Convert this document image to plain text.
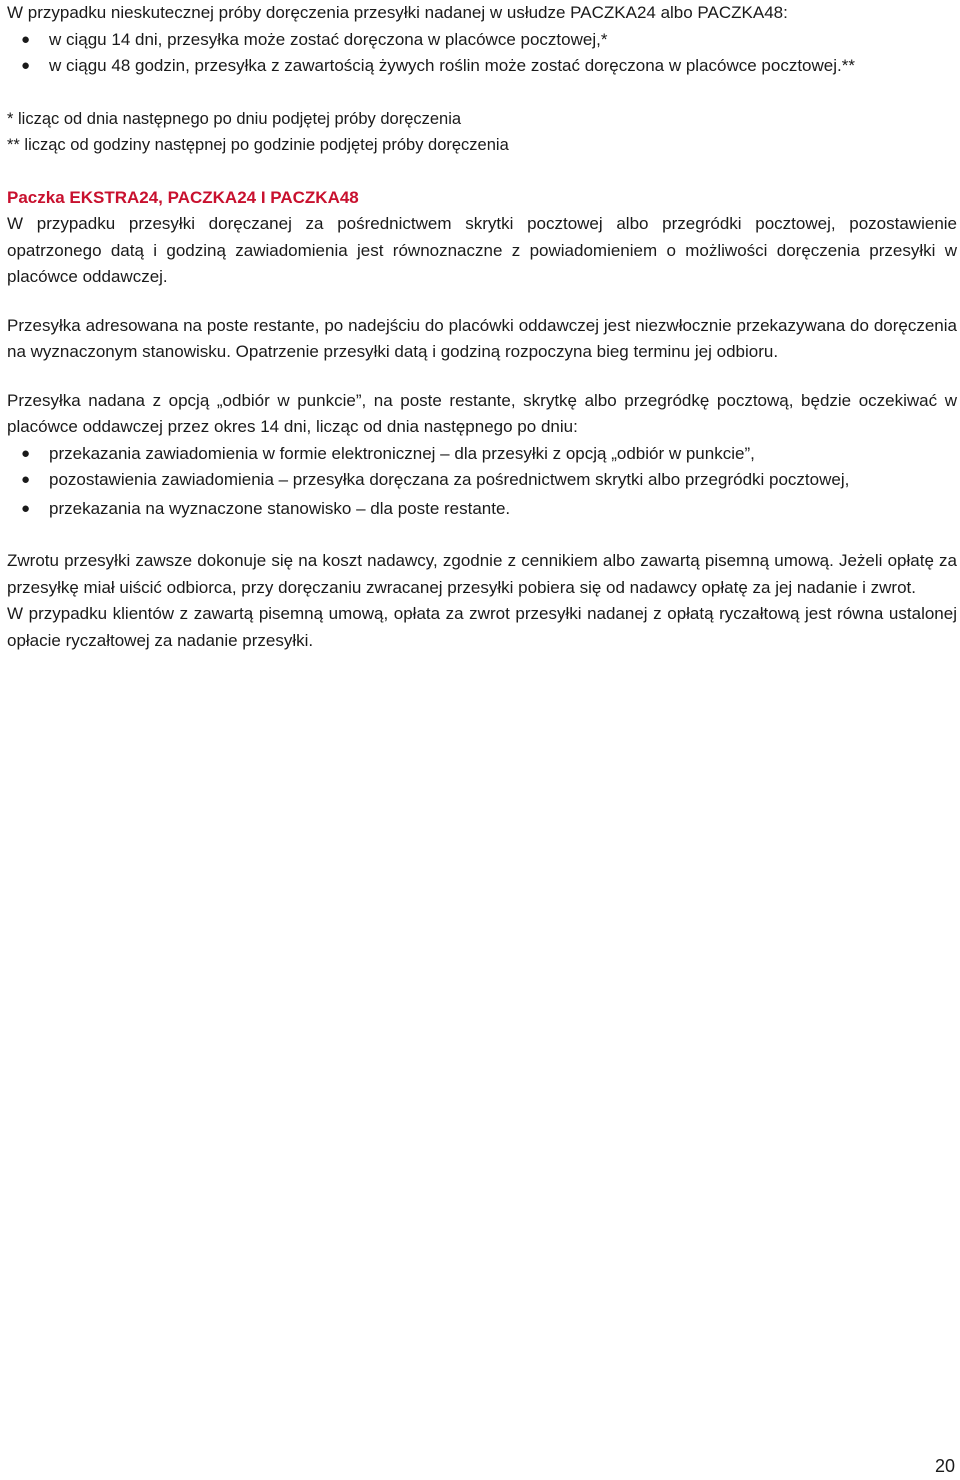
W przypadku nieskutecznej próby doręczenia przesyłki nadanej w usłudze PACZKA24 albo PACZKA48:

● w ciągu 14 dni, przesyłka może zostać doręczona w placówce pocztowej,*
● w ciągu 48 godzin, przesyłka z zawartością żywych roślin może zostać doręczona w placówce pocztowej.**

* licząc od dnia następnego po dniu podjętej próby doręczenia

** licząc od godziny następnej po godzinie podjętej próby doręczenia

Paczka EKSTRA24, PACZKA24 I PACZKA48

W przypadku przesyłki doręczanej za pośrednictwem skrytki pocztowej albo przegródki pocztowej, pozostawienie opatrzonego datą i godziną zawiadomienia jest równoznaczne z powiadomieniem o możliwości doręczenia przesyłki w placówce oddawczej.

Przesyłka adresowana na poste restante, po nadejściu do placówki oddawczej jest niezwłocznie przekazywana do doręczenia na wyznaczonym stanowisku. Opatrzenie przesyłki datą i godziną rozpoczyna bieg terminu jej odbioru.

Przesyłka nadana z opcją „odbiór w punkcie”, na poste restante, skrytkę albo przegródkę pocztową, będzie oczekiwać w placówce oddawczej przez okres 14 dni, licząc od dnia następnego po dniu:

● przekazania zawiadomienia w formie elektronicznej – dla przesyłki z opcją „odbiór w punkcie”,
● pozostawienia zawiadomienia – przesyłka doręczana za pośrednictwem skrytki albo przegródki pocztowej,
● przekazania na wyznaczone stanowisko – dla poste restante.

Zwrotu przesyłki zawsze dokonuje się na koszt nadawcy, zgodnie z cennikiem albo zawartą pisemną umową. Jeżeli opłatę za przesyłkę miał uiścić odbiorca, przy doręczaniu zwracanej przesyłki pobiera się od nadawcy opłatę za jej nadanie i zwrot.

W przypadku klientów z zawartą pisemną umową, opłata za zwrot przesyłki nadanej z opłatą ryczałtową jest równa ustalonej opłacie ryczałtowej za nadanie przesyłki.

20
